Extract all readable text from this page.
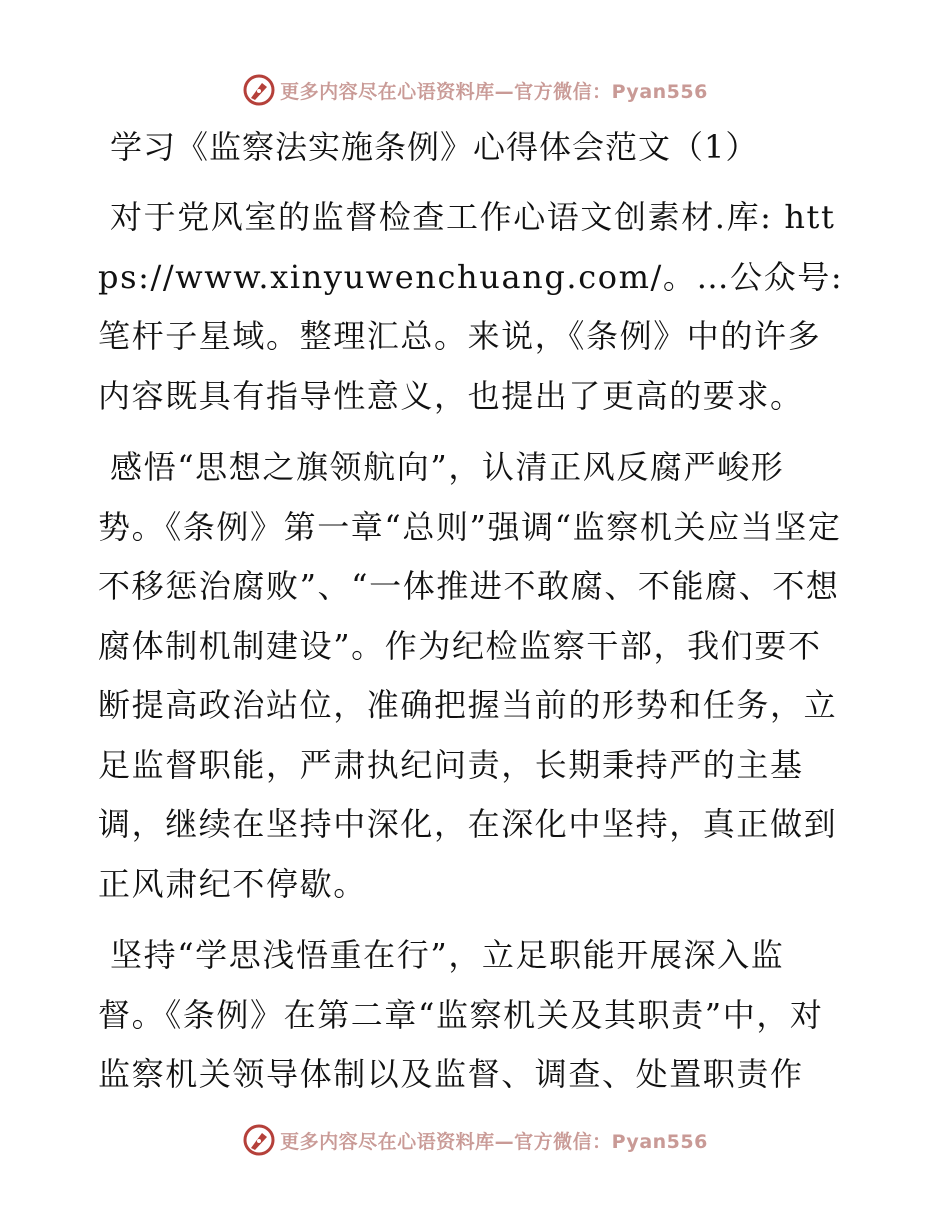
更多内容尽在心语资料库—官方微信：Pyan556
学习《监察法实施条例》心得体会范文（1）

对于党风室的监督检查工作心语文创素材.库: https://www.xinyuwenchuang.com/。…公众号:笔杆子星域。整理汇总。来说，《条例》中的许多内容既具有指导性意义，也提出了更高的要求。

感悟“思想之旗领航向”，认清正风反腐严峻形势。《条例》第一章“总则”强调“监察机关应当坚定不移惩治腐败”、“一体推进不敢腐、不能腐、不想腐体制机制建设”。作为纪检监察干部，我们要不断提高政治站位，准确把握当前的形势和任务，立足监督职能，严肃执纪问责，长期秉持严的主基调，继续在坚持中深化，在深化中坚持，真正做到正风肃纪不停歇。

坚持“学思浅悟重在行”，立足职能开展深入监督。《条例》在第二章“监察机关及其职责”中，对监察机关领导体制以及监督、调查、处置职责作

更多内容尽在心语资料库—官方微信：Pyan556
